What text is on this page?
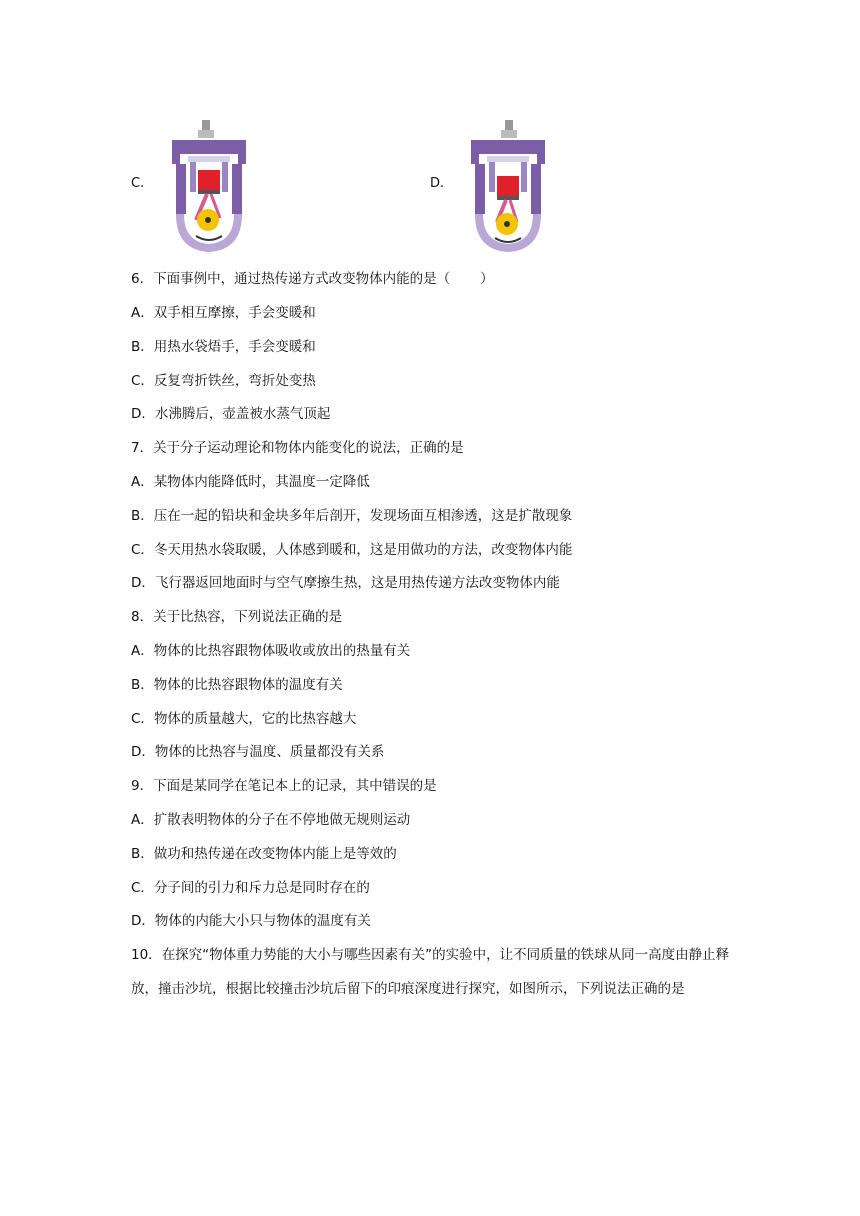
C.	D.
6．下面事例中，通过热传递方式改变物体内能的是（ ）
A．双手相互摩擦，手会变暖和
B．用热水袋焐手，手会变暖和
C．反复弯折铁丝，弯折处变热
D．水沸腾后，壶盖被水蒸气顶起
7．关于分子运动理论和物体内能变化的说法，正确的是
A．某物体内能降低时，其温度一定降低
B．压在一起的铅块和金块多年后剖开，发现场面互相渗透，这是扩散现象
C．冬天用热水袋取暖，人体感到暖和，这是用做功的方法，改变物体内能
D．飞行器返回地面时与空气摩擦生热，这是用热传递方法改变物体内能
8．关于比热容，下列说法正确的是
A．物体的比热容跟物体吸收或放出的热量有关
B．物体的比热容跟物体的温度有关
C．物体的质量越大，它的比热容越大
D．物体的比热容与温度、质量都没有关系
9．下面是某同学在笔记本上的记录，其中错误的是
A．扩散表明物体的分子在不停地做无规则运动
B．做功和热传递在改变物体内能上是等效的
C．分子间的引力和斥力总是同时存在的
D．物体的内能大小只与物体的温度有关
10．在探究“物体重力势能的大小与哪些因素有关”的实验中，让不同质量的铁球从同一高度由静止释放，撞击沙坑，根据比较撞击沙坑后留下的印痕深度进行探究，如图所示，下列说法正确的是
